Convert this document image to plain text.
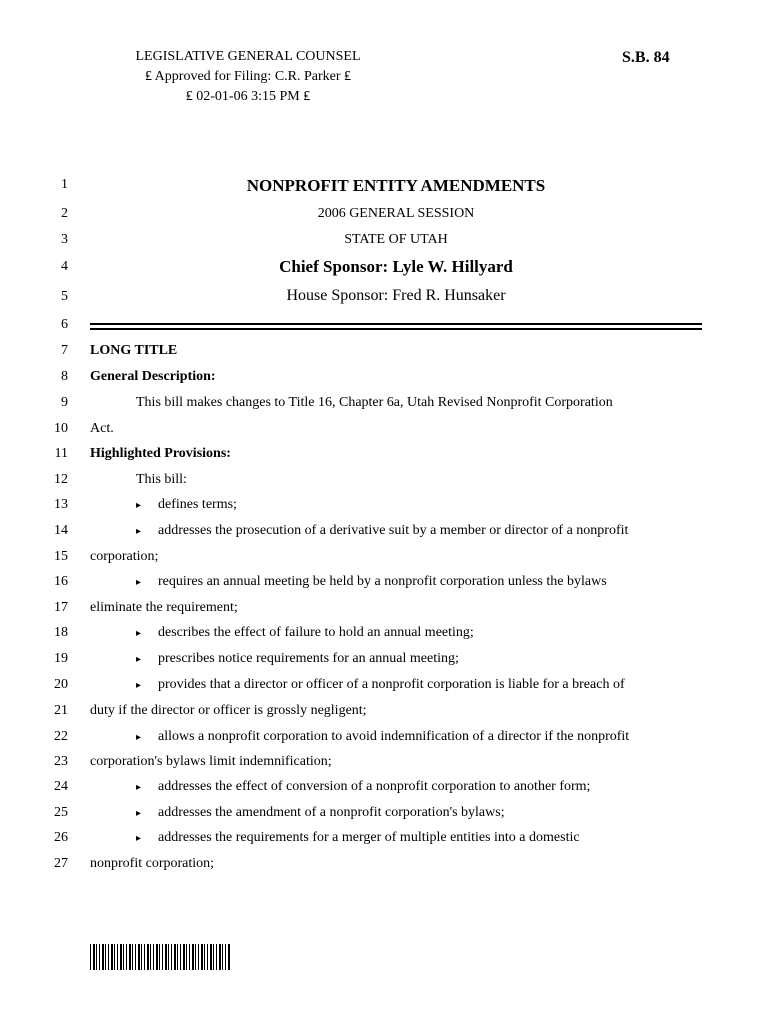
LEGISLATIVE GENERAL COUNSEL
₤ Approved for Filing: C.R. Parker ₤
₤ 02-01-06 3:15 PM ₤
S.B. 84
1
2
3
4
5
6
7
8
9
10
11
12
13
14
15
16
17
18
19
20
21
22
23
24
25
26
27
NONPROFIT ENTITY AMENDMENTS
2006 GENERAL SESSION
STATE OF UTAH
Chief Sponsor: Lyle W. Hillyard
House Sponsor: Fred R. Hunsaker
LONG TITLE
General Description:
This bill makes changes to Title 16, Chapter 6a, Utah Revised Nonprofit Corporation
Act.
Highlighted Provisions:
This bill:
▸ defines terms;
▸ addresses the prosecution of a derivative suit by a member or director of a nonprofit
corporation;
▸ requires an annual meeting be held by a nonprofit corporation unless the bylaws
eliminate the requirement;
▸ describes the effect of failure to hold an annual meeting;
▸ prescribes notice requirements for an annual meeting;
▸ provides that a director or officer of a nonprofit corporation is liable for a breach of
duty if the director or officer is grossly negligent;
▸ allows a nonprofit corporation to avoid indemnification of a director if the nonprofit
corporation's bylaws limit indemnification;
▸ addresses the effect of conversion of a nonprofit corporation to another form;
▸ addresses the amendment of a nonprofit corporation's bylaws;
▸ addresses the requirements for a merger of multiple entities into a domestic
nonprofit corporation;
